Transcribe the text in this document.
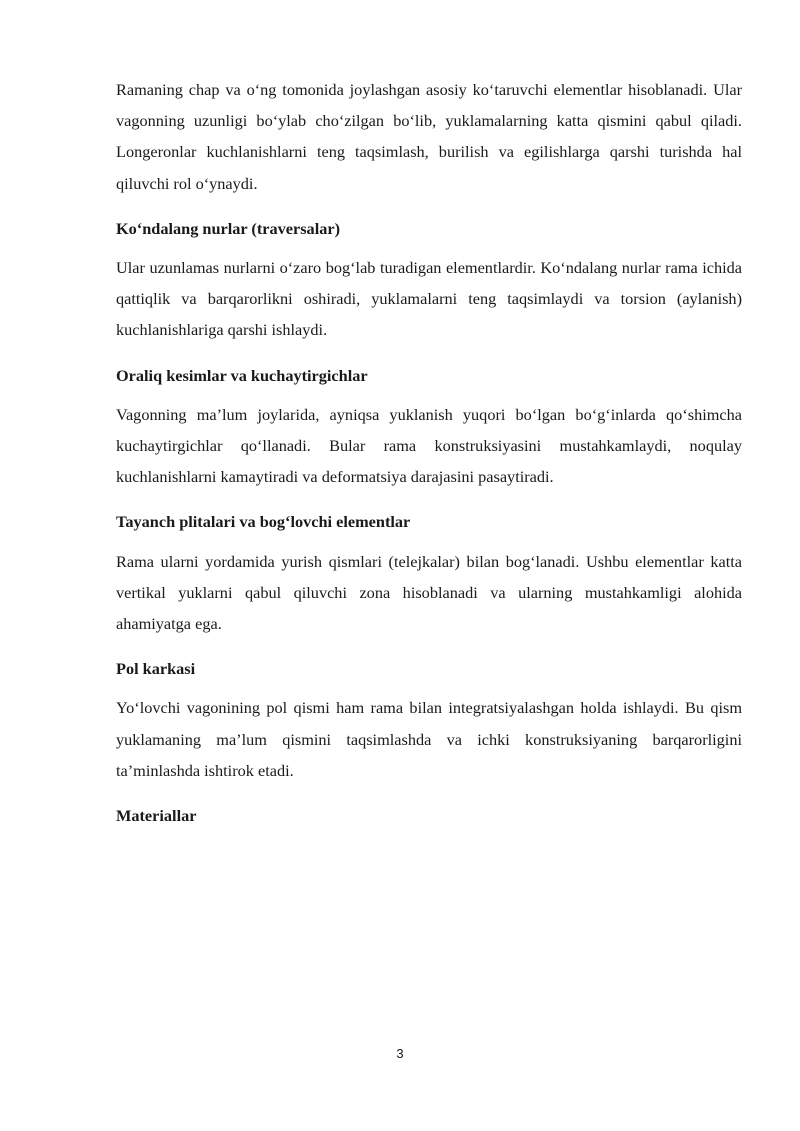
Ramaning chap va o‘ng tomonida joylashgan asosiy ko‘taruvchi elementlar hisoblanadi. Ular vagonning uzunligi bo‘ylab cho‘zilgan bo‘lib, yuklamalarning katta qismini qabul qiladi. Longeronlar kuchlanishlarni teng taqsimlash, burilish va egilishlarga qarshi turishda hal qiluvchi rol o‘ynaydi.

Ko‘ndalang nurlar (traversalar)

Ular uzunlamas nurlarni o‘zaro bog‘lab turadigan elementlardir. Ko‘ndalang nurlar rama ichida qattiqlik va barqarorlikni oshiradi, yuklamalarni teng taqsimlaydi va torsion (aylanish) kuchlanishlariga qarshi ishlaydi.

Oraliq kesimlar va kuchaytirgichlar

Vagonning ma’lum joylarida, ayniqsa yuklanish yuqori bo‘lgan bo‘g‘inlarda qo‘shimcha kuchaytirgichlar qo‘llanadi. Bular rama konstruksiyasini mustahkamlaydi, noqulay kuchlanishlarni kamaytiradi va deformatsiya darajasini pasaytiradi.

Tayanch plitalari va bog‘lovchi elementlar

Rama ularni yordamida yurish qismlari (telejkalar) bilan bog‘lanadi. Ushbu elementlar katta vertikal yuklarni qabul qiluvchi zona hisoblanadi va ularning mustahkamligi alohida ahamiyatga ega.

Pol karkasi

Yo‘lovchi vagonining pol qismi ham rama bilan integratsiyalashgan holda ishlaydi. Bu qism yuklamaning ma’lum qismini taqsimlashda va ichki konstruksiyaning barqarorligini ta’minlashda ishtirok etadi.

Materiallar

3
